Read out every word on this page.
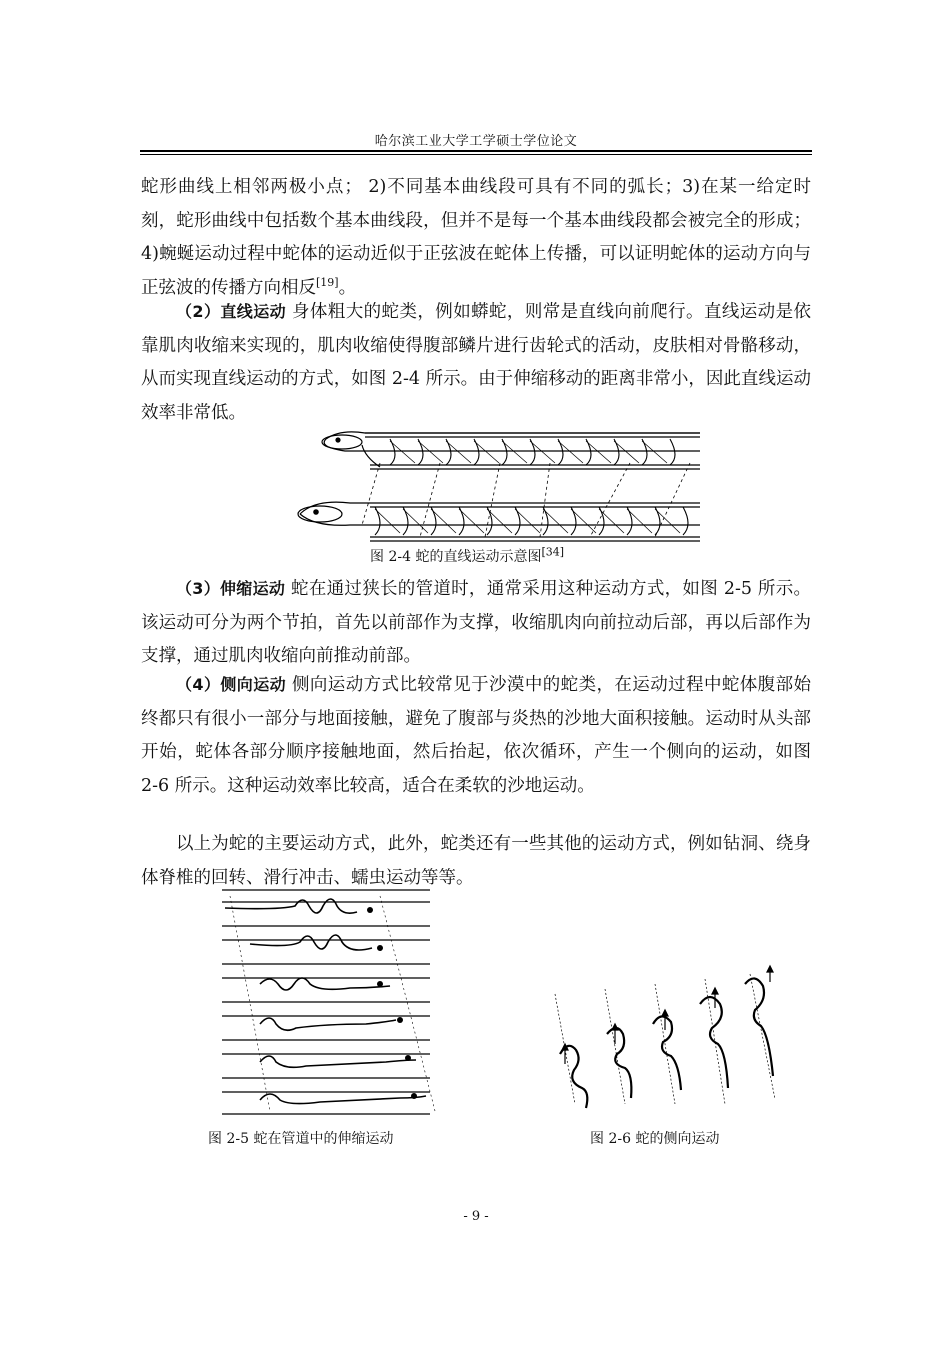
哈尔滨工业大学工学硕士学位论文
蛇形曲线上相邻两极小点； 2)不同基本曲线段可具有不同的弧长；3)在某一给定时刻，蛇形曲线中包括数个基本曲线段，但并不是每一个基本曲线段都会被完全的形成；4)蜿蜒运动过程中蛇体的运动近似于正弦波在蛇体上传播，可以证明蛇体的运动方向与正弦波的传播方向相反[19]。
（2）直线运动 身体粗大的蛇类，例如蟒蛇，则常是直线向前爬行。直线运动是依靠肌肉收缩来实现的，肌肉收缩使得腹部鳞片进行齿轮式的活动，皮肤相对骨骼移动，从而实现直线运动的方式，如图 2-4 所示。由于伸缩移动的距离非常小，因此直线运动效率非常低。
图 2-4 蛇的直线运动示意图[34]
（3）伸缩运动 蛇在通过狭长的管道时，通常采用这种运动方式，如图 2-5 所示。该运动可分为两个节拍，首先以前部作为支撑，收缩肌肉向前拉动后部，再以后部作为支撑，通过肌肉收缩向前推动前部。
（4）侧向运动 侧向运动方式比较常见于沙漠中的蛇类，在运动过程中蛇体腹部始终都只有很小一部分与地面接触，避免了腹部与炎热的沙地大面积接触。运动时从头部开始，蛇体各部分顺序接触地面，然后抬起，依次循环，产生一个侧向的运动，如图 2-6 所示。这种运动效率比较高，适合在柔软的沙地运动。
以上为蛇的主要运动方式，此外，蛇类还有一些其他的运动方式，例如钻洞、绕身体脊椎的回转、滑行冲击、蠕虫运动等等。
图 2-5 蛇在管道中的伸缩运动	图 2-6 蛇的侧向运动
- 9 -
